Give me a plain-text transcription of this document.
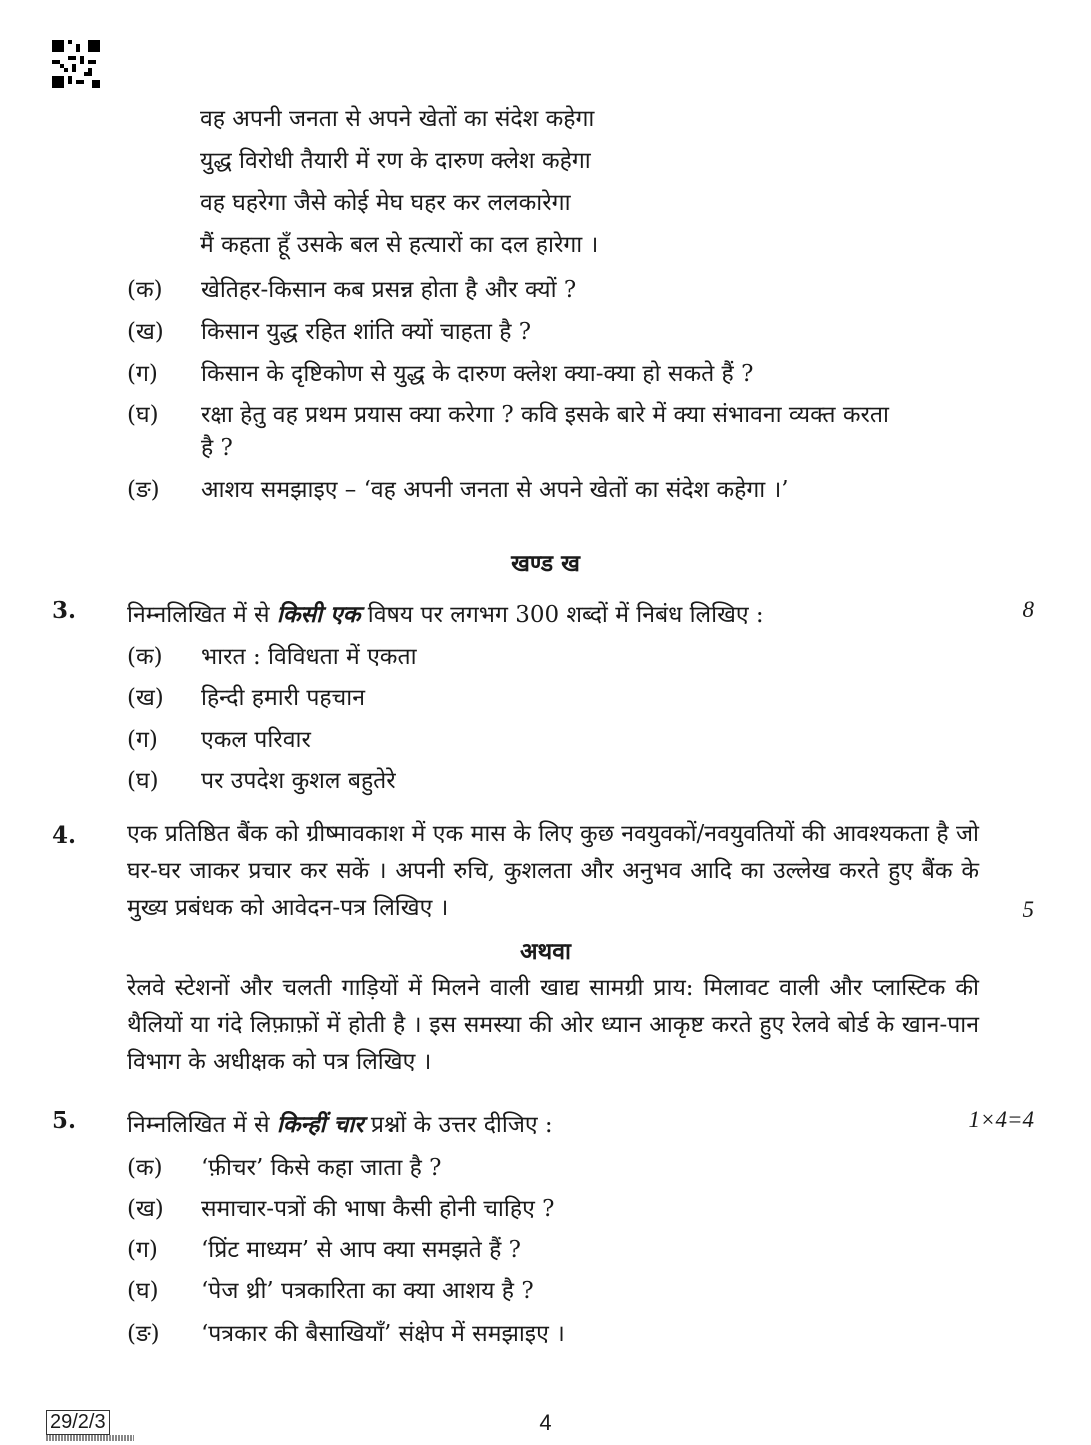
वह अपनी जनता से अपने खेतों का संदेश कहेगा
युद्ध विरोधी तैयारी में रण के दारुण क्लेश कहेगा
वह घहरेगा जैसे कोई मेघ घहर कर ललकारेगा
मैं कहता हूँ उसके बल से हत्यारों का दल हारेगा ।
(क) खेतिहर-किसान कब प्रसन्न होता है और क्यों ?
(ख) किसान युद्ध रहित शांति क्यों चाहता है ?
(ग) किसान के दृष्टिकोण से युद्ध के दारुण क्लेश क्या-क्या हो सकते हैं ?
(घ) रक्षा हेतु वह प्रथम प्रयास क्या करेगा ? कवि इसके बारे में क्या संभावना व्यक्त करता
है ?
(ङ) आशय समझाइए – ‘वह अपनी जनता से अपने खेतों का संदेश कहेगा ।’
खण्ड ख
3. निम्नलिखित में से किसी एक विषय पर लगभग 300 शब्दों में निबंध लिखिए :	8
(क) भारत : विविधता में एकता
(ख) हिन्दी हमारी पहचान
(ग) एकल परिवार
(घ) पर उपदेश कुशल बहुतेरे
4. एक प्रतिष्ठित बैंक को ग्रीष्मावकाश में एक मास के लिए कुछ नवयुवकों/नवयुवतियों की आवश्यकता है जो घर-घर जाकर प्रचार कर सकें । अपनी रुचि, कुशलता और अनुभव आदि का उल्लेख करते हुए बैंक के मुख्य प्रबंधक को आवेदन-पत्र लिखिए ।	5
अथवा
रेलवे स्टेशनों और चलती गाड़ियों में मिलने वाली खाद्य सामग्री प्राय: मिलावट वाली और प्लास्टिक की थैलियों या गंदे लिफ़ाफ़ों में होती है । इस समस्या की ओर ध्यान आकृष्ट करते हुए रेलवे बोर्ड के खान-पान विभाग के अधीक्षक को पत्र लिखिए ।
5. निम्नलिखित में से किन्हीं चार प्रश्नों के उत्तर दीजिए :	1×4=4
(क) ‘फ़ीचर’ किसे कहा जाता है ?
(ख) समाचार-पत्रों की भाषा कैसी होनी चाहिए ?
(ग) ‘प्रिंट माध्यम’ से आप क्या समझते हैं ?
(घ) ‘पेज थ्री’ पत्रकारिता का क्या आशय है ?
(ङ) ‘पत्रकार की बैसाखियाँ’ संक्षेप में समझाइए ।
29/2/3	4
